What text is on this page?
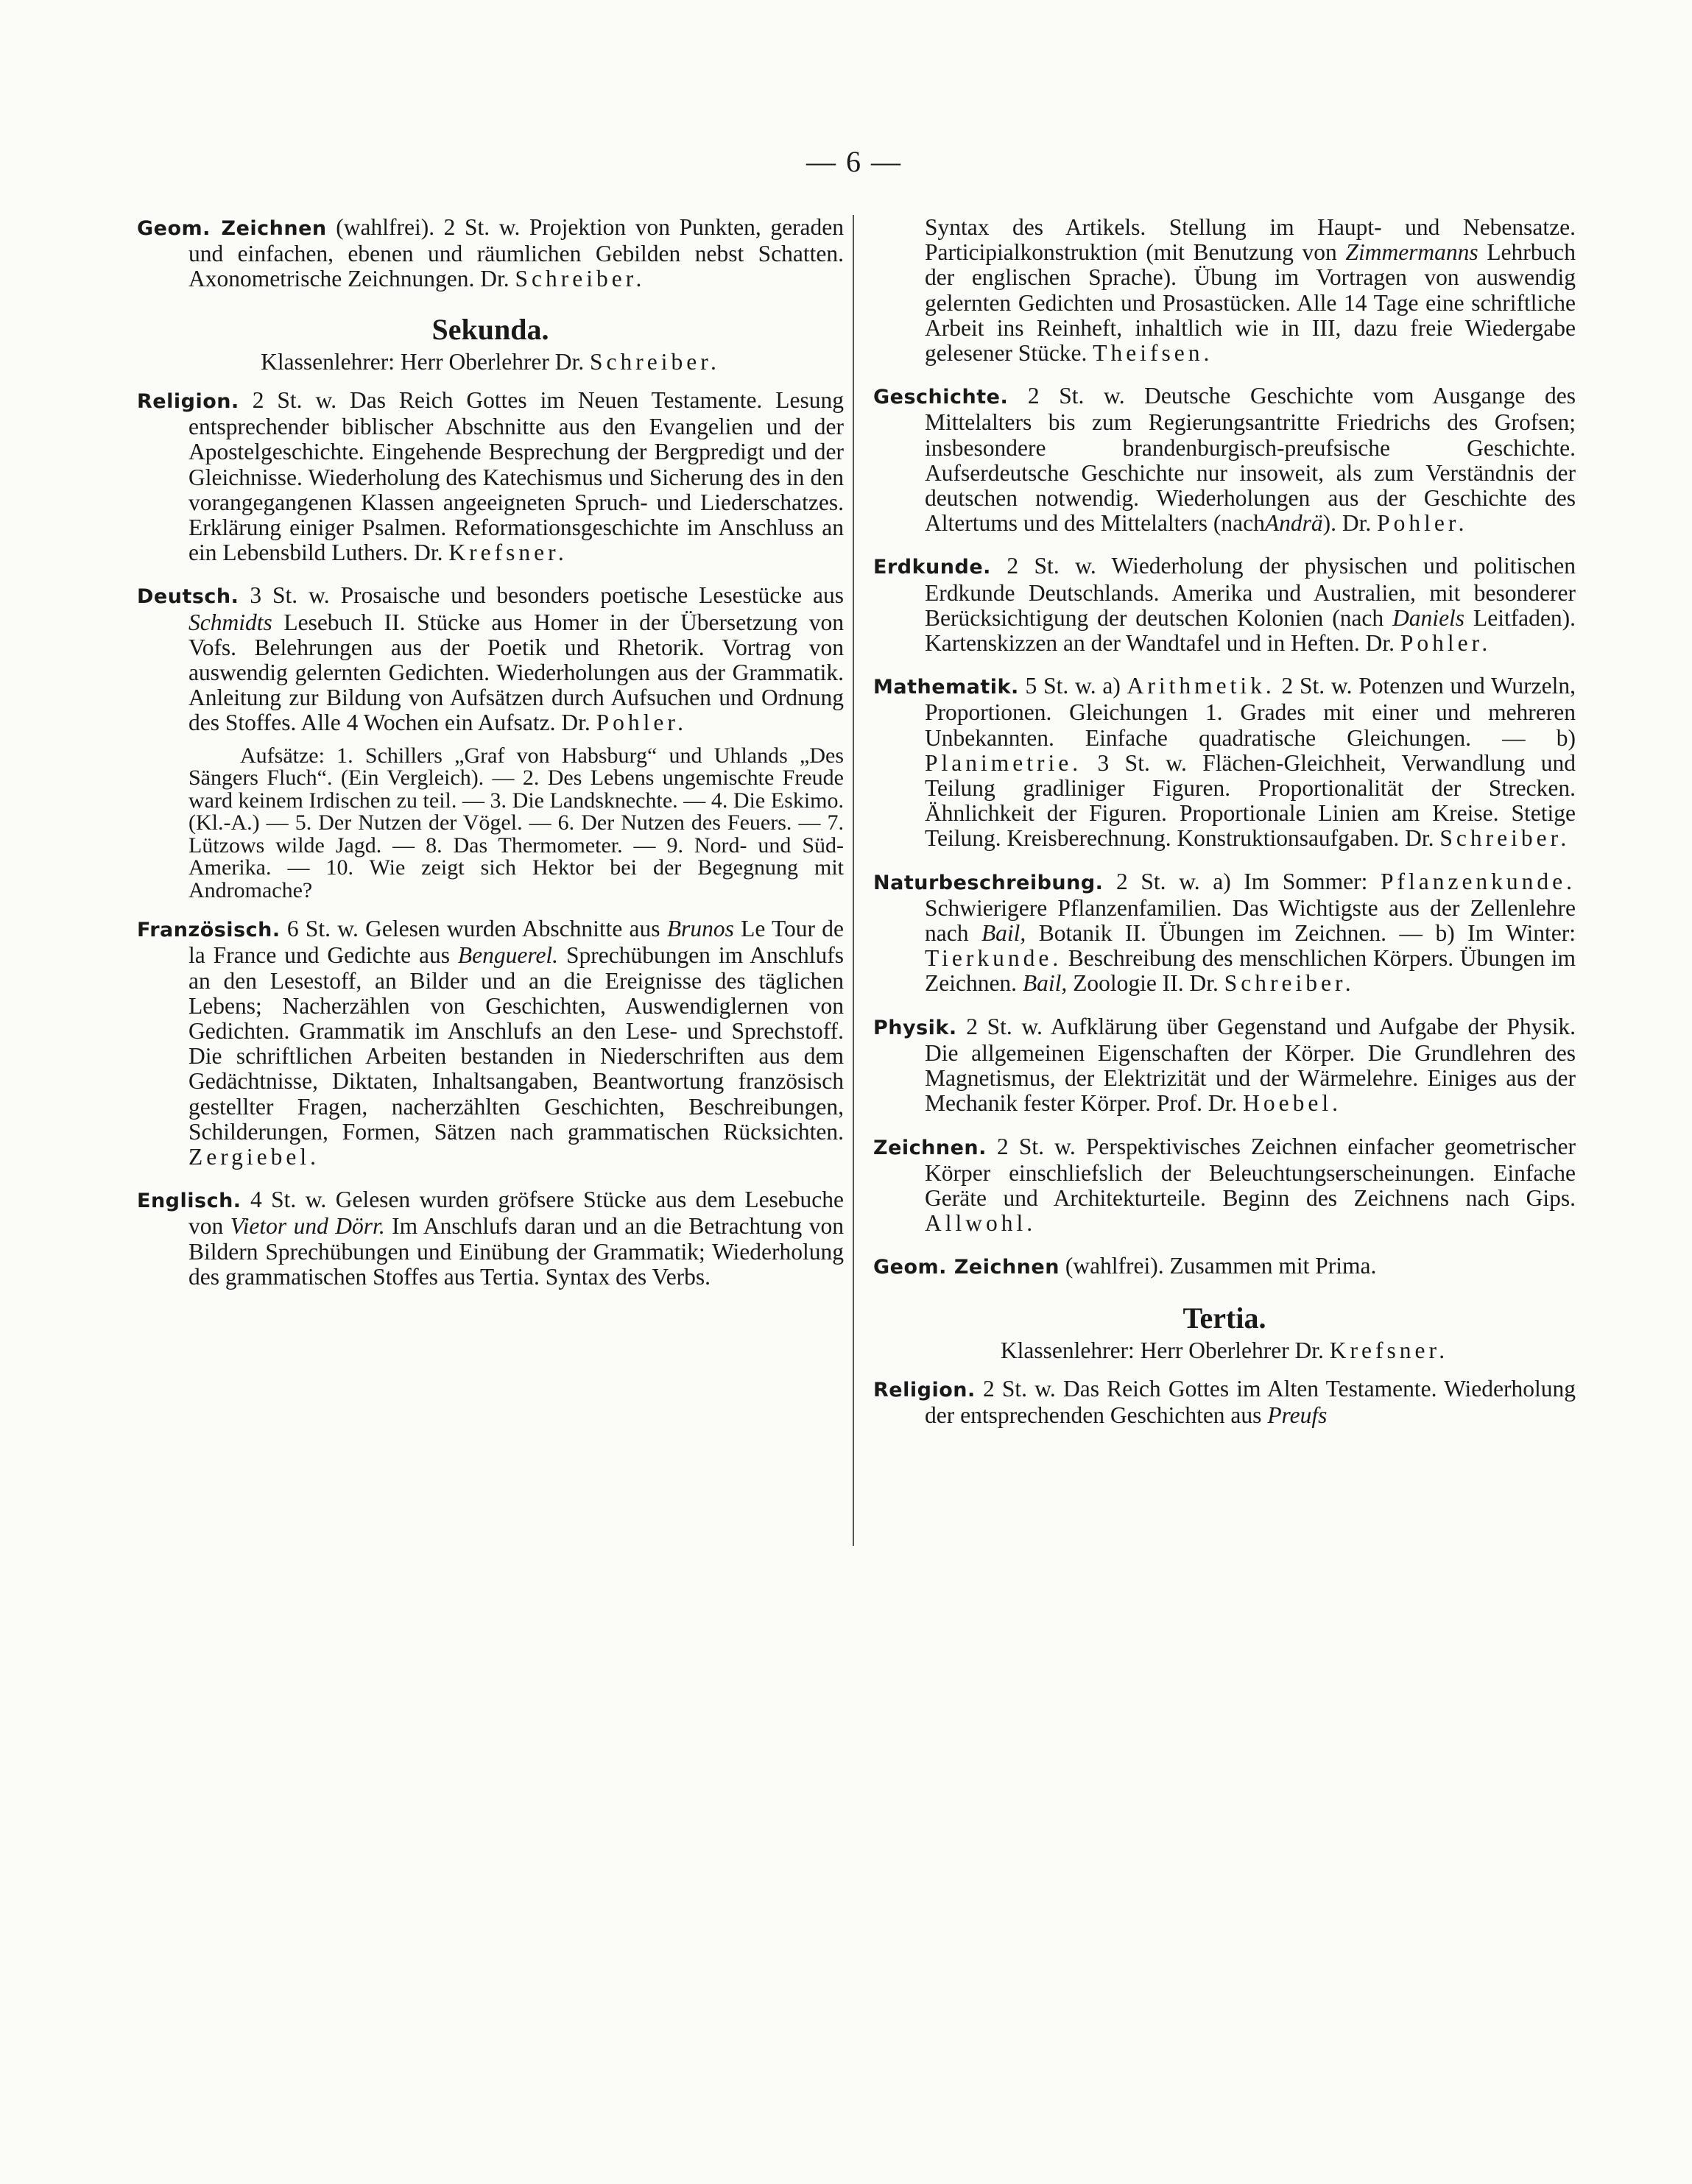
— 6 —

Geom. Zeichnen (wahlfrei). 2 St. w. Projektion von Punkten, geraden und einfachen, ebenen und räumlichen Gebilden nebst Schatten. Axonometrische Zeichnungen. Dr. Schreiber.

Sekunda.
Klassenlehrer: Herr Oberlehrer Dr. Schreiber.

Religion. 2 St. w. Das Reich Gottes im Neuen Testamente. Lesung entsprechender biblischer Abschnitte aus den Evangelien und der Apostelgeschichte. Eingehende Besprechung der Bergpredigt und der Gleichnisse. Wiederholung des Katechismus und Sicherung des in den vorangegangenen Klassen angeeigneten Spruch- und Liederschatzes. Erklärung einiger Psalmen. Reformationsgeschichte im Anschluss an ein Lebensbild Luthers. Dr. Krefsner.

Deutsch. 3 St. w. Prosaische und besonders poetische Lesestücke aus Schmidts Lesebuch II. Stücke aus Homer in der Übersetzung von Vofs. Belehrungen aus der Poetik und Rhetorik. Vortrag von auswendig gelernten Gedichten. Wiederholungen aus der Grammatik. Anleitung zur Bildung von Aufsätzen durch Aufsuchen und Ordnung des Stoffes. Alle 4 Wochen ein Aufsatz. Dr. Pohler.

Aufsätze: 1. Schillers „Graf von Habsburg“ und Uhlands „Des Sängers Fluch“. (Ein Vergleich). — 2. Des Lebens ungemischte Freude ward keinem Irdischen zu teil. — 3. Die Landsknechte. — 4. Die Eskimo. (Kl.-A.) — 5. Der Nutzen der Vögel. — 6. Der Nutzen des Feuers. — 7. Lützows wilde Jagd. — 8. Das Thermometer. — 9. Nord- und Süd-Amerika. — 10. Wie zeigt sich Hektor bei der Begegnung mit Andromache?

Französisch. 6 St. w. Gelesen wurden Abschnitte aus Brunos Le Tour de la France und Gedichte aus Benguerel. Sprechübungen im Anschlufs an den Lesestoff, an Bilder und an die Ereignisse des täglichen Lebens; Nacherzählen von Geschichten, Auswendiglernen von Gedichten. Grammatik im Anschlufs an den Lese- und Sprechstoff. Die schriftlichen Arbeiten bestanden in Niederschriften aus dem Gedächtnisse, Diktaten, Inhaltsangaben, Beantwortung französisch gestellter Fragen, nacherzählten Geschichten, Beschreibungen, Schilderungen, Formen, Sätzen nach grammatischen Rücksichten. Zergiebel.

Englisch. 4 St. w. Gelesen wurden gröfsere Stücke aus dem Lesebuche von Vietor und Dörr. Im Anschlufs daran und an die Betrachtung von Bildern Sprechübungen und Einübung der Grammatik; Wiederholung des grammatischen Stoffes aus Tertia. Syntax des Verbs.

Syntax des Artikels. Stellung im Haupt- und Nebensatze. Participialkonstruktion (mit Benutzung von Zimmermanns Lehrbuch der englischen Sprache). Übung im Vortragen von auswendig gelernten Gedichten und Prosastücken. Alle 14 Tage eine schriftliche Arbeit ins Reinheft, inhaltlich wie in III, dazu freie Wiedergabe gelesener Stücke. Theifsen.

Geschichte. 2 St. w. Deutsche Geschichte vom Ausgange des Mittelalters bis zum Regierungsantritte Friedrichs des Grofsen; insbesondere brandenburgisch-preufsische Geschichte. Aufserdeutsche Geschichte nur insoweit, als zum Verständnis der deutschen notwendig. Wiederholungen aus der Geschichte des Altertums und des Mittelalters (nachAndrä). Dr. Pohler.

Erdkunde. 2 St. w. Wiederholung der physischen und politischen Erdkunde Deutschlands. Amerika und Australien, mit besonderer Berücksichtigung der deutschen Kolonien (nach Daniels Leitfaden). Kartenskizzen an der Wandtafel und in Heften. Dr. Pohler.

Mathematik. 5 St. w. a) Arithmetik. 2 St. w. Potenzen und Wurzeln, Proportionen. Gleichungen 1. Grades mit einer und mehreren Unbekannten. Einfache quadratische Gleichungen. — b) Planimetrie. 3 St. w. Flächen-Gleichheit, Verwandlung und Teilung gradliniger Figuren. Proportionalität der Strecken. Ähnlichkeit der Figuren. Proportionale Linien am Kreise. Stetige Teilung. Kreisberechnung. Konstruktionsaufgaben. Dr. Schreiber.

Naturbeschreibung. 2 St. w. a) Im Sommer: Pflanzenkunde. Schwierigere Pflanzenfamilien. Das Wichtigste aus der Zellenlehre nach Bail, Botanik II. Übungen im Zeichnen. — b) Im Winter: Tierkunde. Beschreibung des menschlichen Körpers. Übungen im Zeichnen. Bail, Zoologie II. Dr. Schreiber.

Physik. 2 St. w. Aufklärung über Gegenstand und Aufgabe der Physik. Die allgemeinen Eigenschaften der Körper. Die Grundlehren des Magnetismus, der Elektrizität und der Wärmelehre. Einiges aus der Mechanik fester Körper. Prof. Dr. Hoebel.

Zeichnen. 2 St. w. Perspektivisches Zeichnen einfacher geometrischer Körper einschliefslich der Beleuchtungserscheinungen. Einfache Geräte und Architekturteile. Beginn des Zeichnens nach Gips. Allwohl.

Geom. Zeichnen (wahlfrei). Zusammen mit Prima.

Tertia.
Klassenlehrer: Herr Oberlehrer Dr. Krefsner.

Religion. 2 St. w. Das Reich Gottes im Alten Testamente. Wiederholung der entsprechenden Geschichten aus Preufs
